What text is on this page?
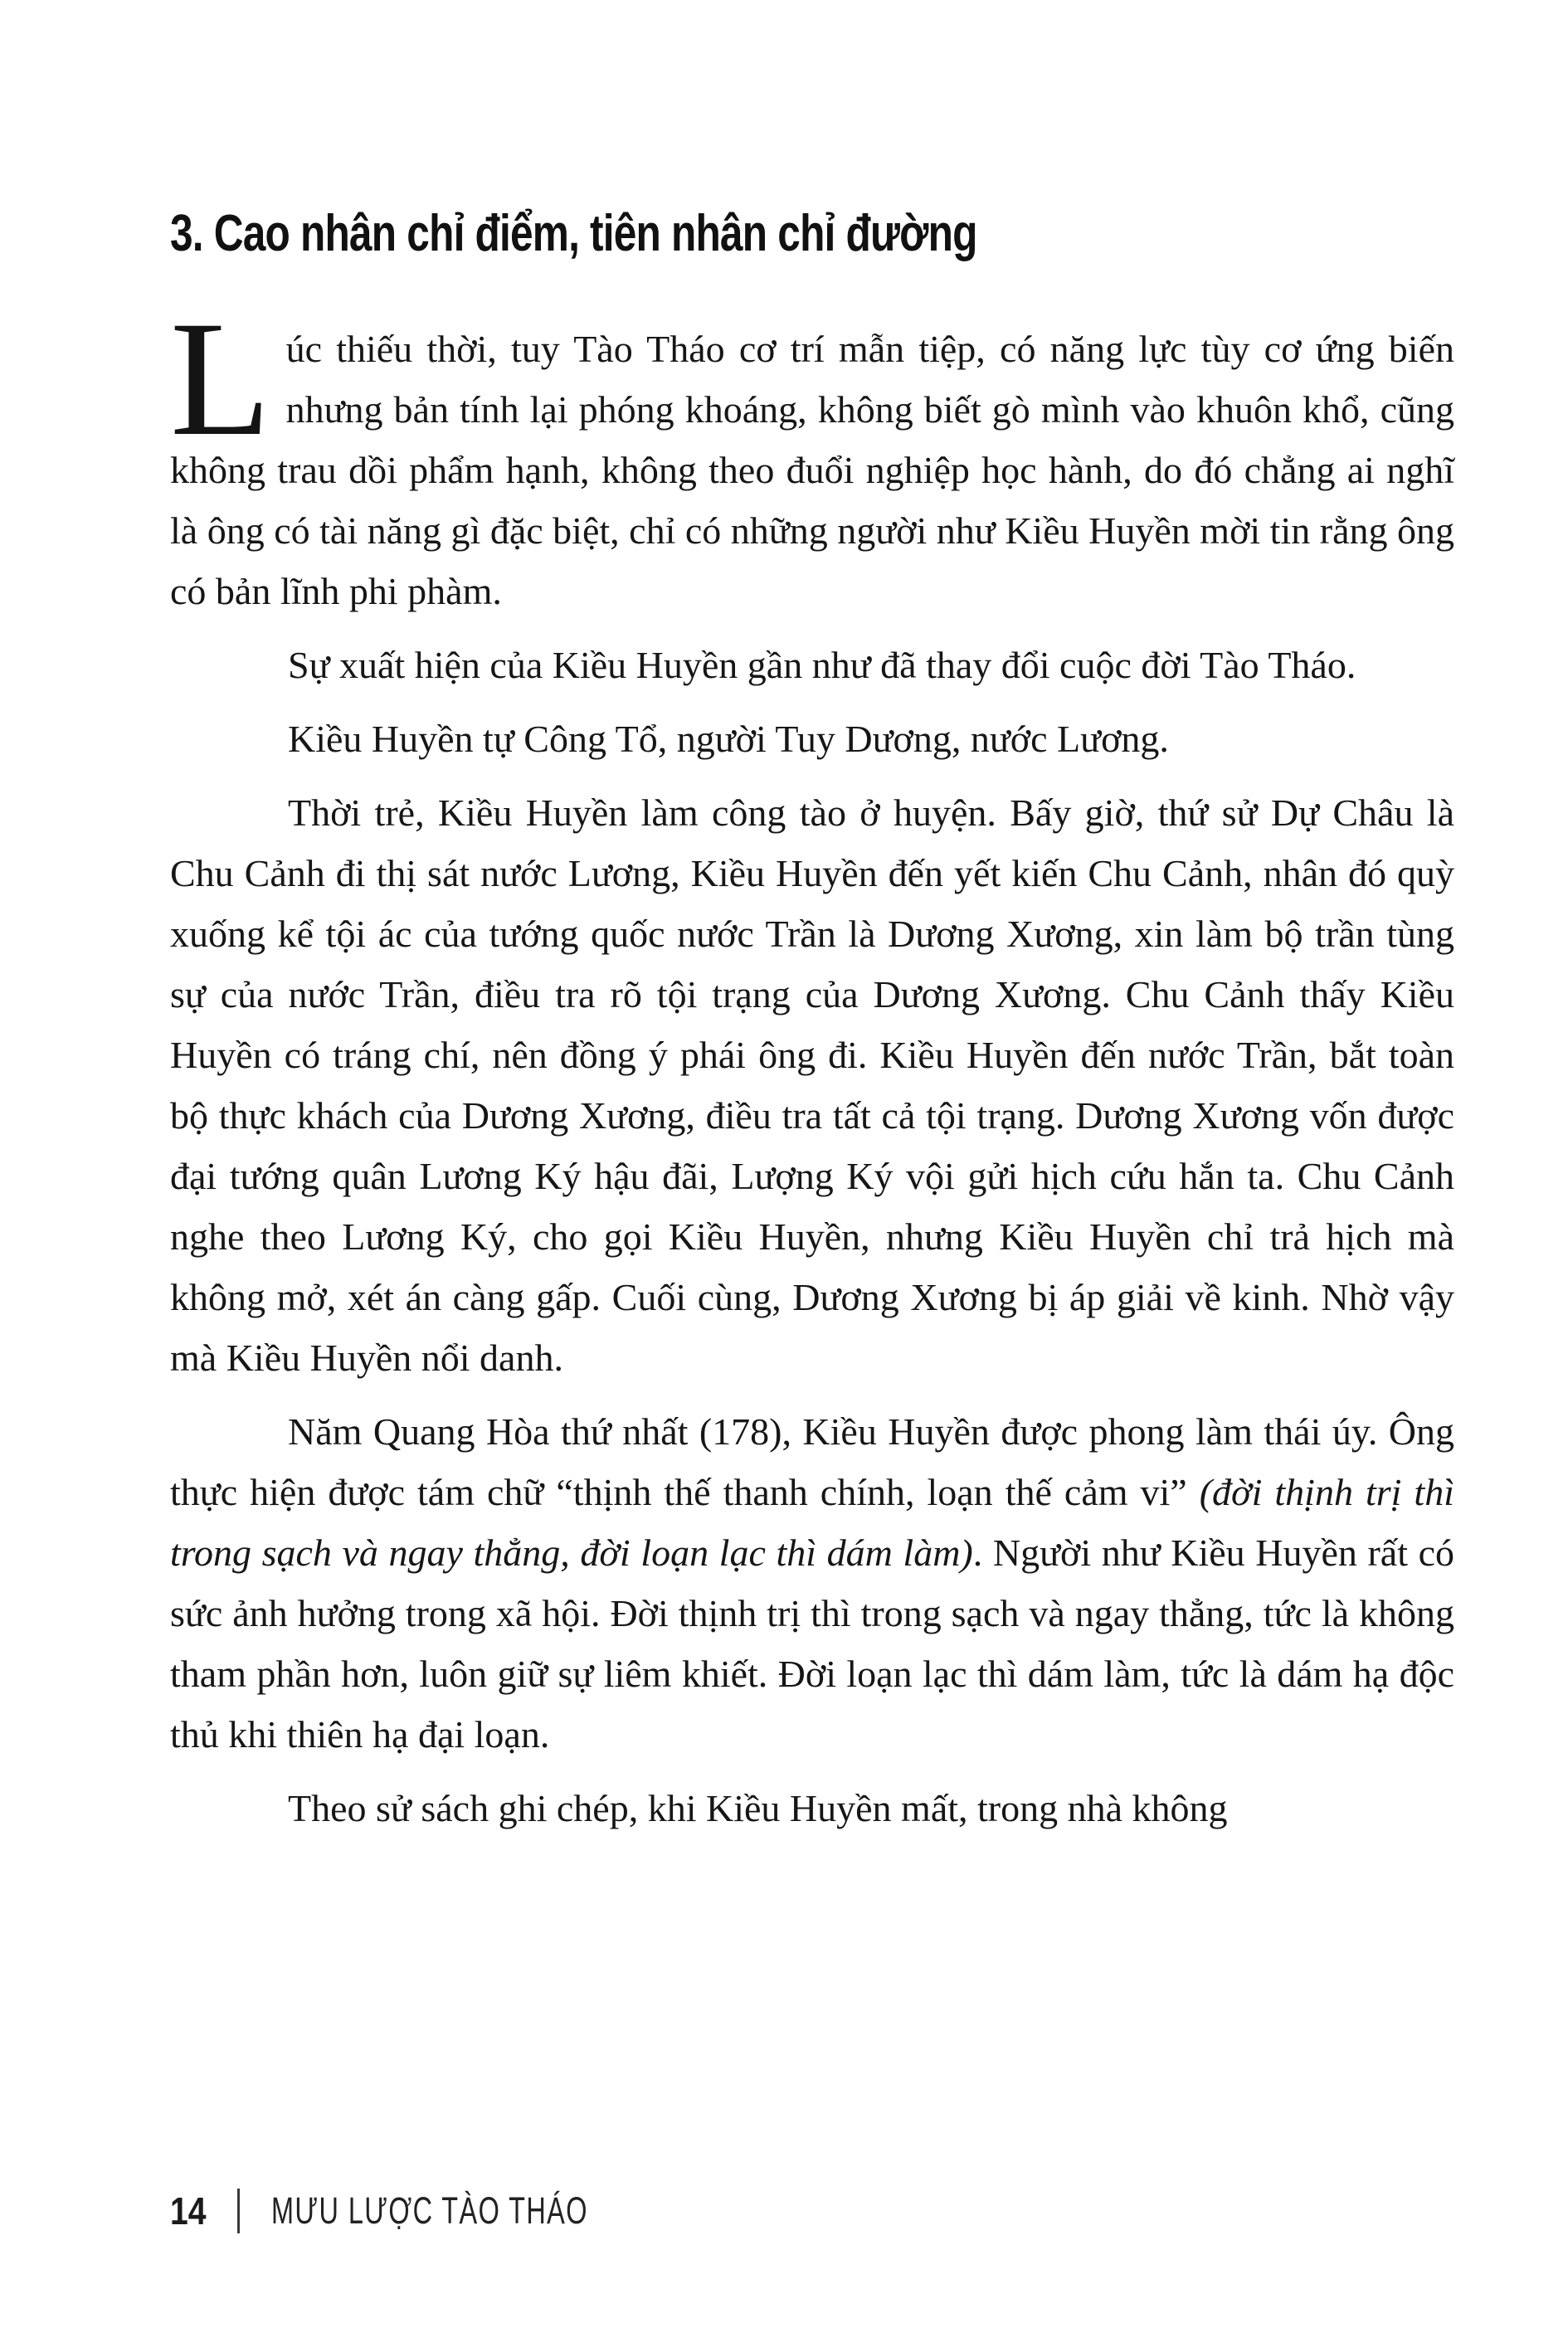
3. Cao nhân chỉ điểm, tiên nhân chỉ đường

Lúc thiếu thời, tuy Tào Tháo cơ trí mẫn tiệp, có năng lực tùy cơ ứng biến nhưng bản tính lại phóng khoáng, không biết gò mình vào khuôn khổ, cũng không trau dồi phẩm hạnh, không theo đuổi nghiệp học hành, do đó chẳng ai nghĩ là ông có tài năng gì đặc biệt, chỉ có những người như Kiều Huyền mời tin rằng ông có bản lĩnh phi phàm.

Sự xuất hiện của Kiều Huyền gần như đã thay đổi cuộc đời Tào Tháo.

Kiều Huyền tự Công Tổ, người Tuy Dương, nước Lương.

Thời trẻ, Kiều Huyền làm công tào ở huyện. Bấy giờ, thứ sử Dự Châu là Chu Cảnh đi thị sát nước Lương, Kiều Huyền đến yết kiến Chu Cảnh, nhân đó quỳ xuống kể tội ác của tướng quốc nước Trần là Dương Xương, xin làm bộ trần tùng sự của nước Trần, điều tra rõ tội trạng của Dương Xương. Chu Cảnh thấy Kiều Huyền có tráng chí, nên đồng ý phái ông đi. Kiều Huyền đến nước Trần, bắt toàn bộ thực khách của Dương Xương, điều tra tất cả tội trạng. Dương Xương vốn được đại tướng quân Lương Ký hậu đãi, Lượng Ký vội gửi hịch cứu hắn ta. Chu Cảnh nghe theo Lương Ký, cho gọi Kiều Huyền, nhưng Kiều Huyền chỉ trả hịch mà không mở, xét án càng gấp. Cuối cùng, Dương Xương bị áp giải về kinh. Nhờ vậy mà Kiều Huyền nổi danh.

Năm Quang Hòa thứ nhất (178), Kiều Huyền được phong làm thái úy. Ông thực hiện được tám chữ “thịnh thế thanh chính, loạn thế cảm vi” (đời thịnh trị thì trong sạch và ngay thẳng, đời loạn lạc thì dám làm). Người như Kiều Huyền rất có sức ảnh hưởng trong xã hội. Đời thịnh trị thì trong sạch và ngay thẳng, tức là không tham phần hơn, luôn giữ sự liêm khiết. Đời loạn lạc thì dám làm, tức là dám hạ độc thủ khi thiên hạ đại loạn.

Theo sử sách ghi chép, khi Kiều Huyền mất, trong nhà không

14 MƯU LƯỢC TÀO THÁO
